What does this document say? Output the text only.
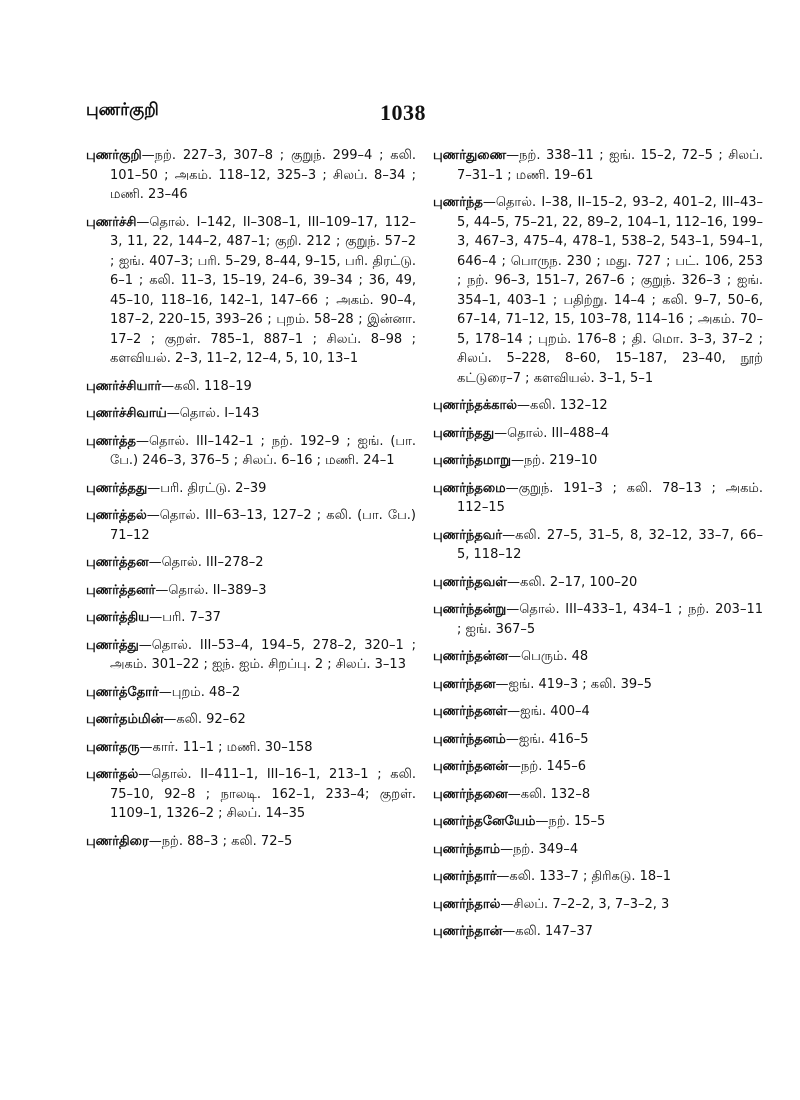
புணர்குறி	1038
புணர்குறி—நற். 227–3, 307–8 ; குறுந். 299–4 ; கலி. 101–50 ; அகம். 118–12, 325–3 ; சிலப். 8–34 ; மணி. 23–46
புணர்ச்சி—தொல். I–142, II–308–1, III–109–17, 112–3, 11, 22, 144–2, 487–1; குறி. 212 ; குறுந். 57–2 ; ஐங். 407–3; பரி. 5–29, 8–44, 9–15, பரி. திரட்டு. 6–1 ; கலி. 11–3, 15–19, 24–6, 39–34 ; 36, 49, 45–10, 118–16, 142–1, 147–66 ; அகம். 90–4, 187–2, 220–15, 393–26 ; புறம். 58–28 ; இன்னா. 17–2 ; குறள். 785–1, 887–1 ; சிலப். 8–98 ; களவியல். 2–3, 11–2, 12–4, 5, 10, 13–1
புணர்ச்சியார்—கலி. 118–19
புணர்ச்சிவாய்—தொல். I–143
புணர்த்த—தொல். III–142–1 ; நற். 192–9 ; ஐங். (பா. பே.) 246–3, 376–5 ; சிலப். 6–16 ; மணி. 24–1
புணர்த்தது—பரி. திரட்டு. 2–39
புணர்த்தல்—தொல். III–63–13, 127–2 ; கலி. (பா. பே.) 71–12
புணர்த்தன—தொல். III–278–2
புணர்த்தனர்—தொல். II–389–3
புணர்த்திய—பரி. 7–37
புணர்த்து—தொல். III–53–4, 194–5, 278–2, 320–1 ; அகம். 301–22 ; ஐந். ஐம். சிறப்பு. 2 ; சிலப். 3–13
புணர்த்தோர்—புறம். 48–2
புணர்தம்மின்—கலி. 92–62
புணர்தரு—கார். 11–1 ; மணி. 30–158
புணர்தல்—தொல். II–411–1, III–16–1, 213–1 ; கலி. 75–10, 92–8 ; நாலடி. 162–1, 233–4; குறள். 1109–1, 1326–2 ; சிலப். 14–35
புணர்திரை—நற். 88–3 ; கலி. 72–5
புணர்துணை—நற். 338–11 ; ஐங். 15–2, 72–5 ; சிலப். 7–31–1 ; மணி. 19–61
புணர்ந்த—தொல். I–38, II–15–2, 93–2, 401–2, III–43–5, 44–5, 75–21, 22, 89–2, 104–1, 112–16, 199–3, 467–3, 475–4, 478–1, 538–2, 543–1, 594–1, 646–4 ; பொருந. 230 ; மது. 727 ; பட். 106, 253 ; நற். 96–3, 151–7, 267–6 ; குறுந். 326–3 ; ஐங். 354–1, 403–1 ; பதிற்று. 14–4 ; கலி. 9–7, 50–6, 67–14, 71–12, 15, 103–78, 114–16 ; அகம். 70–5, 178–14 ; புறம். 176–8 ; தி. மொ. 3–3, 37–2 ; சிலப். 5–228, 8–60, 15–187, 23–40, நூற் கட்டுரை–7 ; களவியல். 3–1, 5–1
புணர்ந்தக்கால்—கலி. 132–12
புணர்ந்தது—தொல். III–488–4
புணர்ந்தமாறு—நற். 219–10
புணர்ந்தமை—குறுந். 191–3 ; கலி. 78–13 ; அகம். 112–15
புணர்ந்தவர்—கலி. 27–5, 31–5, 8, 32–12, 33–7, 66–5, 118–12
புணர்ந்தவள்—கலி. 2–17, 100–20
புணர்ந்தன்று—தொல். III–433–1, 434–1 ; நற். 203–11 ; ஐங். 367–5
புணர்ந்தன்ன—பெரும். 48
புணர்ந்தன—ஐங். 419–3 ; கலி. 39–5
புணர்ந்தனள்—ஐங். 400–4
புணர்ந்தனம்—ஐங். 416–5
புணர்ந்தனன்—நற். 145–6
புணர்ந்தனை—கலி. 132–8
புணர்ந்தனேயேம்—நற். 15–5
புணர்ந்தாம்—நற். 349–4
புணர்ந்தார்—கலி. 133–7 ; திரிகடு. 18–1
புணர்ந்தால்—சிலப். 7–2–2, 3, 7–3–2, 3
புணர்ந்தான்—கலி. 147–37
